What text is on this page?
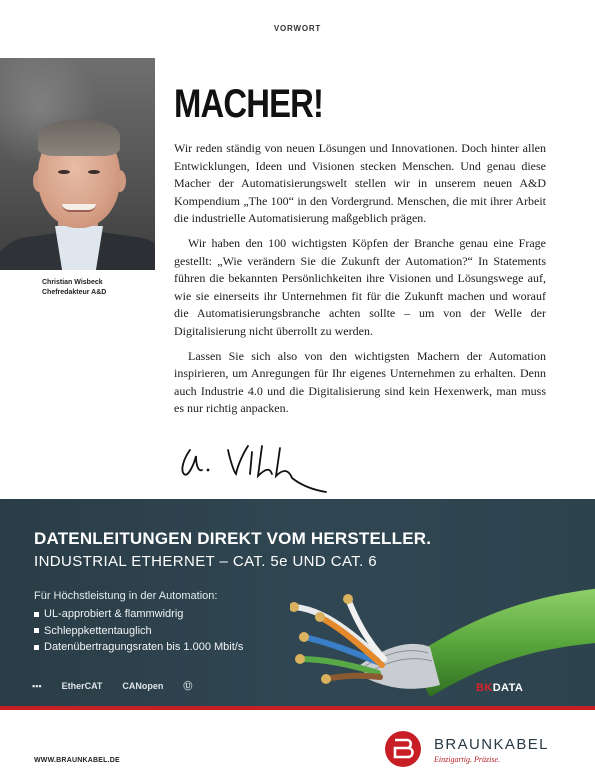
VORWORT
Christian Wisbeck
Chefredakteur A&D
MACHER!

Wir reden ständig von neuen Lösungen und Innovationen. Doch hinter allen Entwicklungen, Ideen und Visionen stecken Menschen. Und genau diese Macher der Automatisierungswelt stellen wir in unserem neuen A&D Kompendium „The 100“ in den Vordergrund. Menschen, die mit ihrer Arbeit die industrielle Automatisierung maßgeblich prägen.

Wir haben den 100 wichtigsten Köpfen der Branche genau eine Frage gestellt: „Wie verändern Sie die Zukunft der Automation?“ In Statements führen die bekannten Persönlichkeiten ihre Visionen und Lösungswege auf, wie sie einerseits ihr Unternehmen fit für die Zukunft machen und worauf die Automatisierungsbranche achten sollte – um von der Welle der Digitalisierung nicht überrollt zu werden.

Lassen Sie sich also von den wichtigsten Machern der Automation inspirieren, um Anregungen für Ihr eigenes Unternehmen zu erhalten. Denn auch Industrie 4.0 und die Digitalisierung sind kein Hexenwerk, man muss es nur richtig anpacken.

DATENLEITUNGEN DIREKT VOM HERSTELLER.
INDUSTRIAL ETHERNET – CAT. 5e UND CAT. 6
Für Höchstleistung in der Automation:
UL-approbiert & flammwidrig
Schleppkettentauglich
Datenübertragungsraten bis 1.000 Mbit/s
▪▪▪ EtherCAT CANopen Ⓤ	BKDATA
WWW.BRAUNKABEL.DE
BRAUNKABEL
Einzigartig. Präzise.
